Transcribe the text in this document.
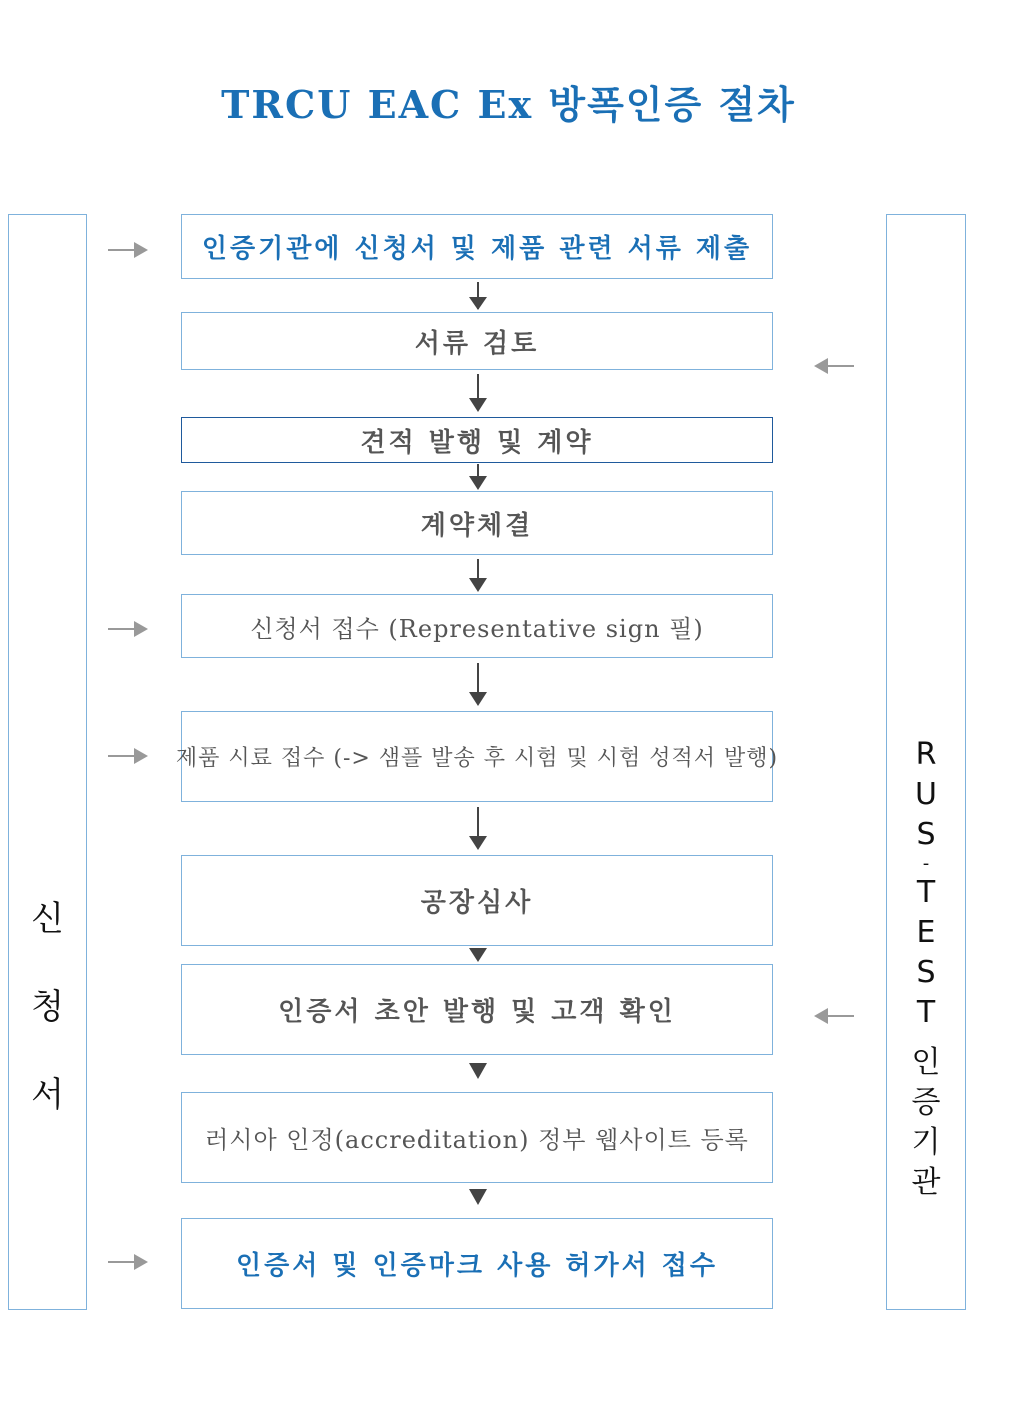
TRCU EAC Ex 방폭인증 절차
신
청
서
R
U
S
-
T
E
S
T
인
증
기
관
인증기관에 신청서 및 제품 관련 서류 제출
서류 검토
견적 발행 및 계약
계약체결
신청서 접수 (Representative sign 필)
제품 시료 접수 (-> 샘플 발송 후 시험 및 시험 성적서 발행)
공장심사
인증서 초안 발행 및 고객 확인
러시아 인정(accreditation) 정부 웹사이트 등록
인증서 및 인증마크 사용 허가서 접수
